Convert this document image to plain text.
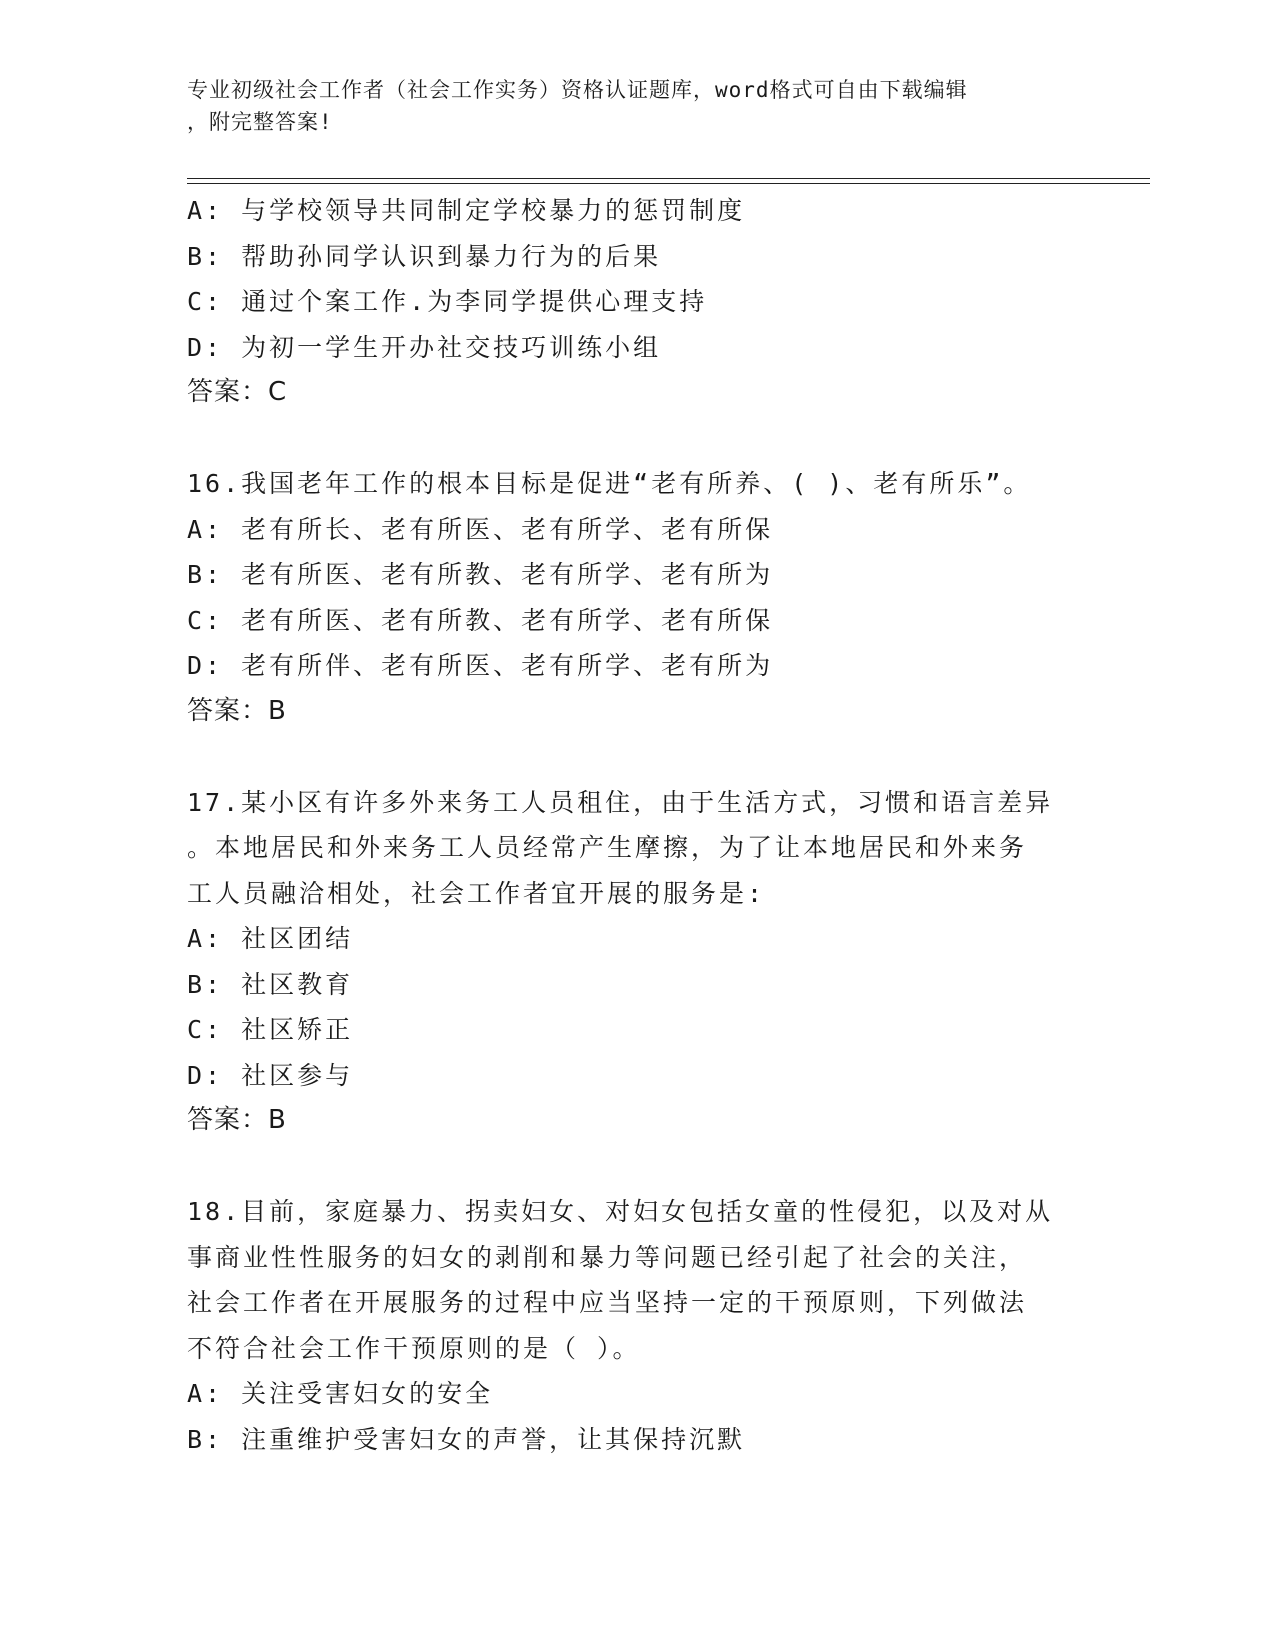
专业初级社会工作者（社会工作实务）资格认证题库，word格式可自由下载编辑

，附完整答案!
A: 与学校领导共同制定学校暴力的惩罚制度
B: 帮助孙同学认识到暴力行为的后果
C: 通过个案工作.为李同学提供心理支持
D: 为初一学生开办社交技巧训练小组
答案：C
16.我国老年工作的根本目标是促进“老有所养、( )、老有所乐”。
A: 老有所长、老有所医、老有所学、老有所保
B: 老有所医、老有所教、老有所学、老有所为
C: 老有所医、老有所教、老有所学、老有所保
D: 老有所伴、老有所医、老有所学、老有所为
答案：B
17.某小区有许多外来务工人员租住，由于生活方式，习惯和语言差异
。本地居民和外来务工人员经常产生摩擦，为了让本地居民和外来务
工人员融洽相处，社会工作者宜开展的服务是:
A: 社区团结
B: 社区教育
C: 社区矫正
D: 社区参与
答案：B
18.目前，家庭暴力、拐卖妇女、对妇女包括女童的性侵犯，以及对从
事商业性性服务的妇女的剥削和暴力等问题已经引起了社会的关注，
社会工作者在开展服务的过程中应当坚持一定的干预原则，下列做法
不符合社会工作干预原则的是（ ）。
A: 关注受害妇女的安全
B: 注重维护受害妇女的声誉，让其保持沉默
